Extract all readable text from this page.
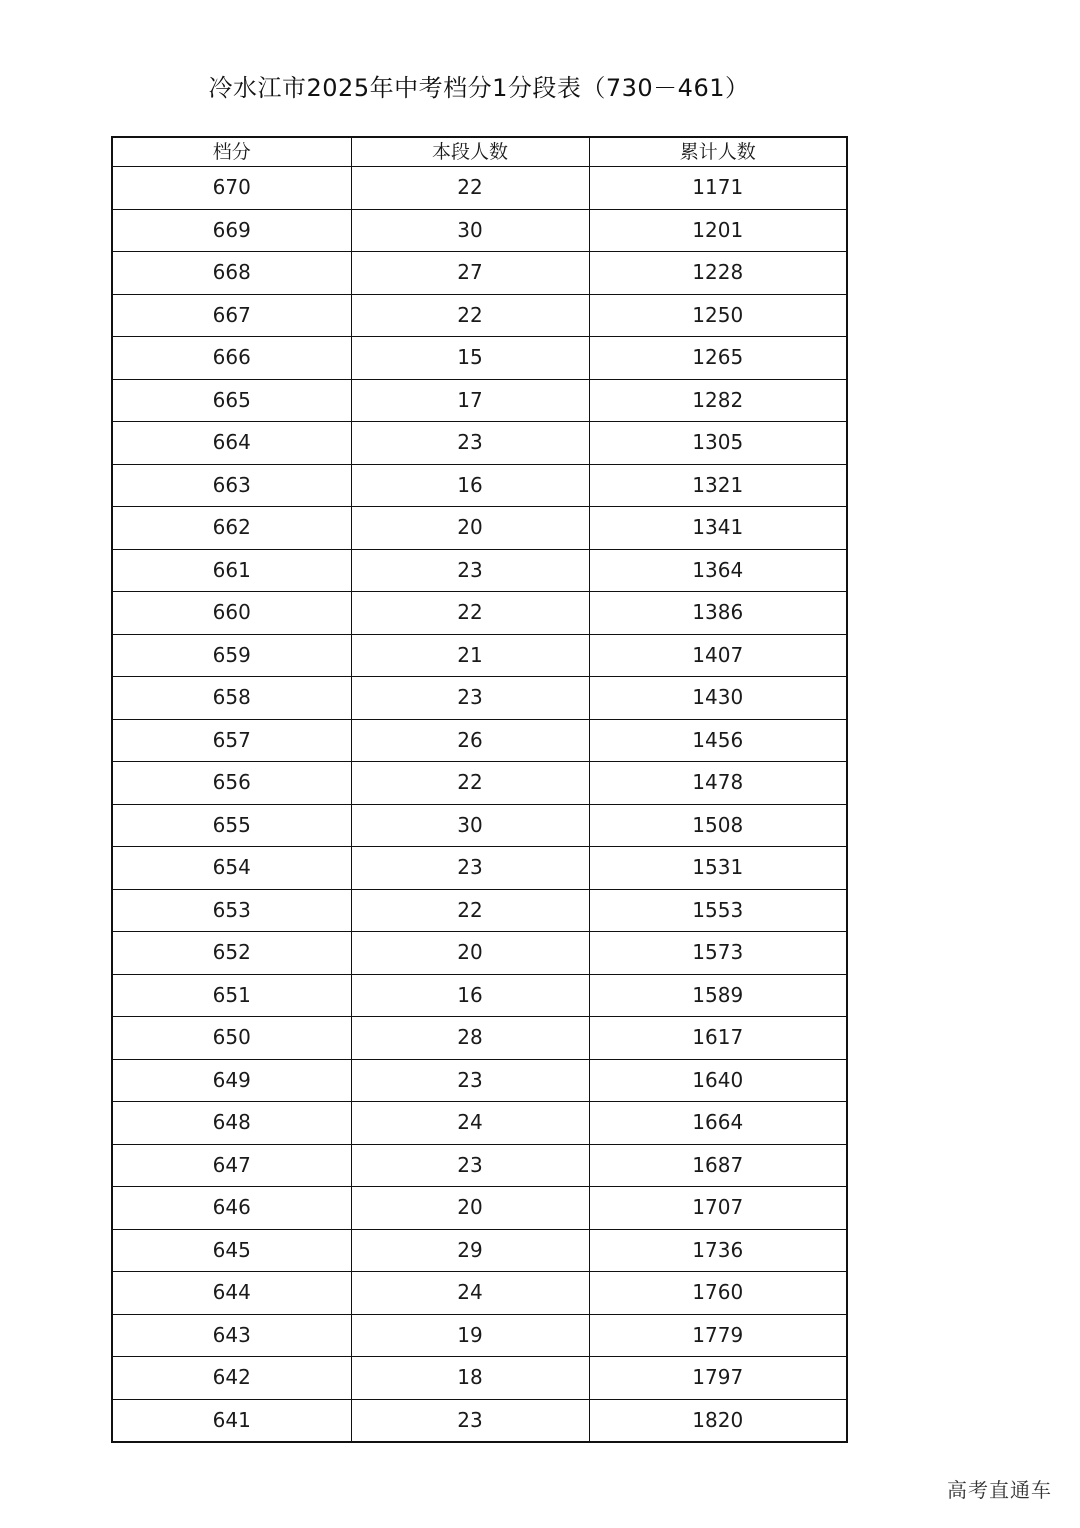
冷水江市2025年中考档分1分段表（730－461）
档分	本段人数	累计人数
670	22	1171
669	30	1201
668	27	1228
667	22	1250
666	15	1265
665	17	1282
664	23	1305
663	16	1321
662	20	1341
661	23	1364
660	22	1386
659	21	1407
658	23	1430
657	26	1456
656	22	1478
655	30	1508
654	23	1531
653	22	1553
652	20	1573
651	16	1589
650	28	1617
649	23	1640
648	24	1664
647	23	1687
646	20	1707
645	29	1736
644	24	1760
643	19	1779
642	18	1797
641	23	1820
高考直通车
